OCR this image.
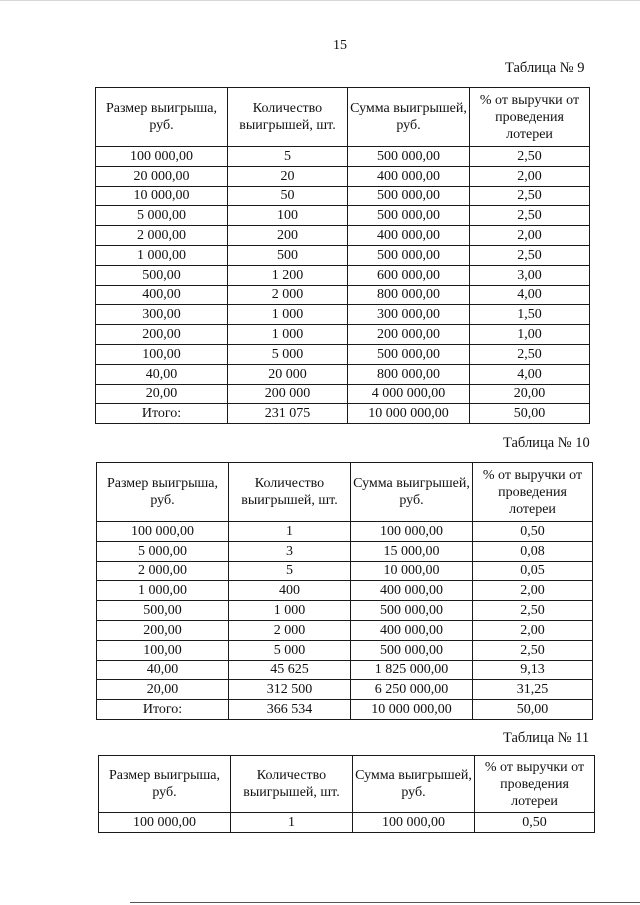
15
Таблица № 9
Размер выигрыша, руб.	Количество выигрышей, шт.	Сумма выигрышей, руб.	% от выручки от проведения лотереи
100 000,00	5	500 000,00	2,50
20 000,00	20	400 000,00	2,00
10 000,00	50	500 000,00	2,50
5 000,00	100	500 000,00	2,50
2 000,00	200	400 000,00	2,00
1 000,00	500	500 000,00	2,50
500,00	1 200	600 000,00	3,00
400,00	2 000	800 000,00	4,00
300,00	1 000	300 000,00	1,50
200,00	1 000	200 000,00	1,00
100,00	5 000	500 000,00	2,50
40,00	20 000	800 000,00	4,00
20,00	200 000	4 000 000,00	20,00
Итого:	231 075	10 000 000,00	50,00
Таблица № 10
Размер выигрыша, руб.	Количество выигрышей, шт.	Сумма выигрышей, руб.	% от выручки от проведения лотереи
100 000,00	1	100 000,00	0,50
5 000,00	3	15 000,00	0,08
2 000,00	5	10 000,00	0,05
1 000,00	400	400 000,00	2,00
500,00	1 000	500 000,00	2,50
200,00	2 000	400 000,00	2,00
100,00	5 000	500 000,00	2,50
40,00	45 625	1 825 000,00	9,13
20,00	312 500	6 250 000,00	31,25
Итого:	366 534	10 000 000,00	50,00
Таблица № 11
Размер выигрыша, руб.	Количество выигрышей, шт.	Сумма выигрышей, руб.	% от выручки от проведения лотереи
100 000,00	1	100 000,00	0,50
